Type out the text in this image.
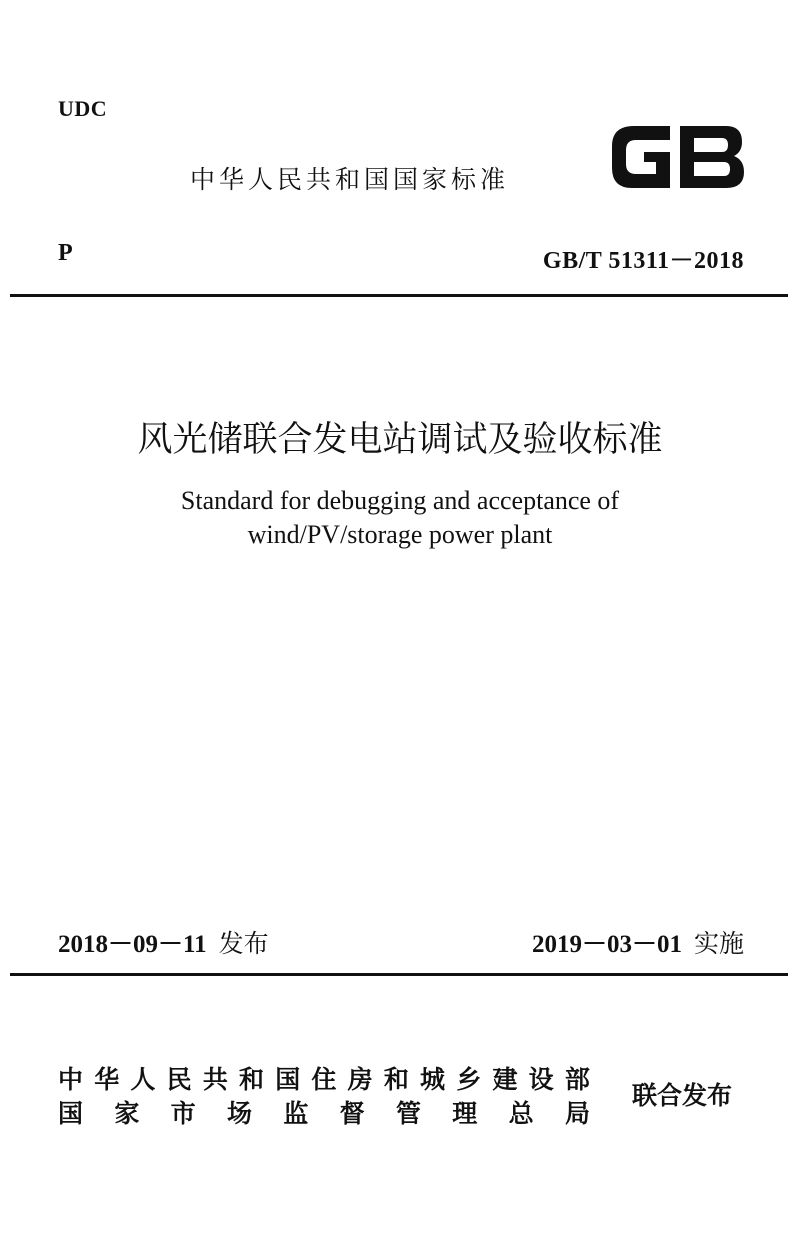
UDC
中华人民共和国国家标准
P	GB/T 51311－2018
风光储联合发电站调试及验收标准
Standard for debugging and acceptance of
wind/PV/storage power plant
2018－09－11 发布	2019－03－01 实施
中 华 人 民 共 和 国 住 房 和 城 乡 建 设 部
国 家 市 场 监 督 管 理 总 局
联合发布
